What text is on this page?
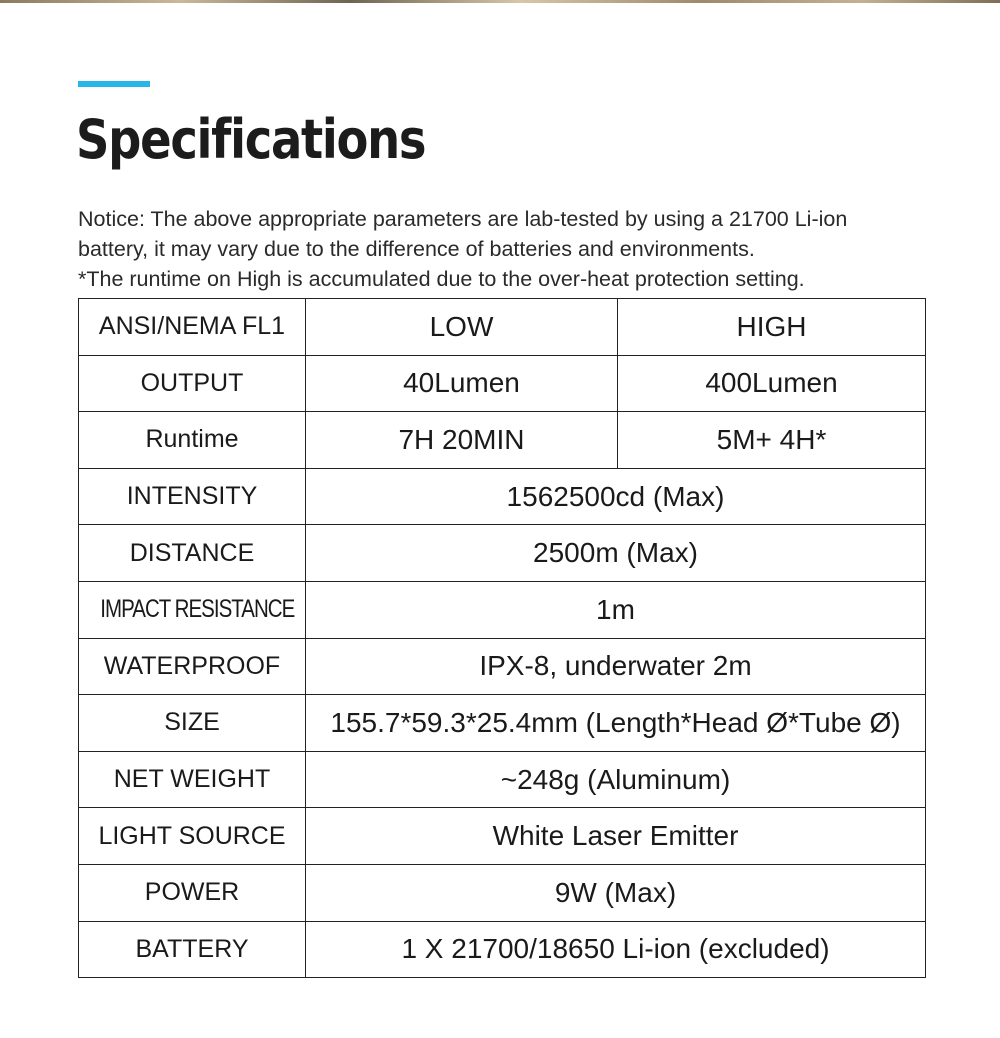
Specifications
Notice: The above appropriate parameters are lab-tested by using a 21700 Li-ion
battery, it may vary due to the difference of batteries and environments.
*The runtime on High is accumulated due to the over-heat protection setting.
ANSI/NEMA FL1	LOW	HIGH
OUTPUT	40Lumen	400Lumen
Runtime	7H 20MIN	5M+ 4H*
INTENSITY	1562500cd (Max)	
DISTANCE	2500m (Max)	
IMPACT RESISTANCE	1m	
WATERPROOF	IPX-8, underwater 2m	
SIZE	155.7*59.3*25.4mm (Length*Head Ø*Tube Ø)	
NET WEIGHT	~248g (Aluminum)	
LIGHT SOURCE	White Laser Emitter	
POWER	9W (Max)	
BATTERY	1 X 21700/18650 Li-ion (excluded)	
